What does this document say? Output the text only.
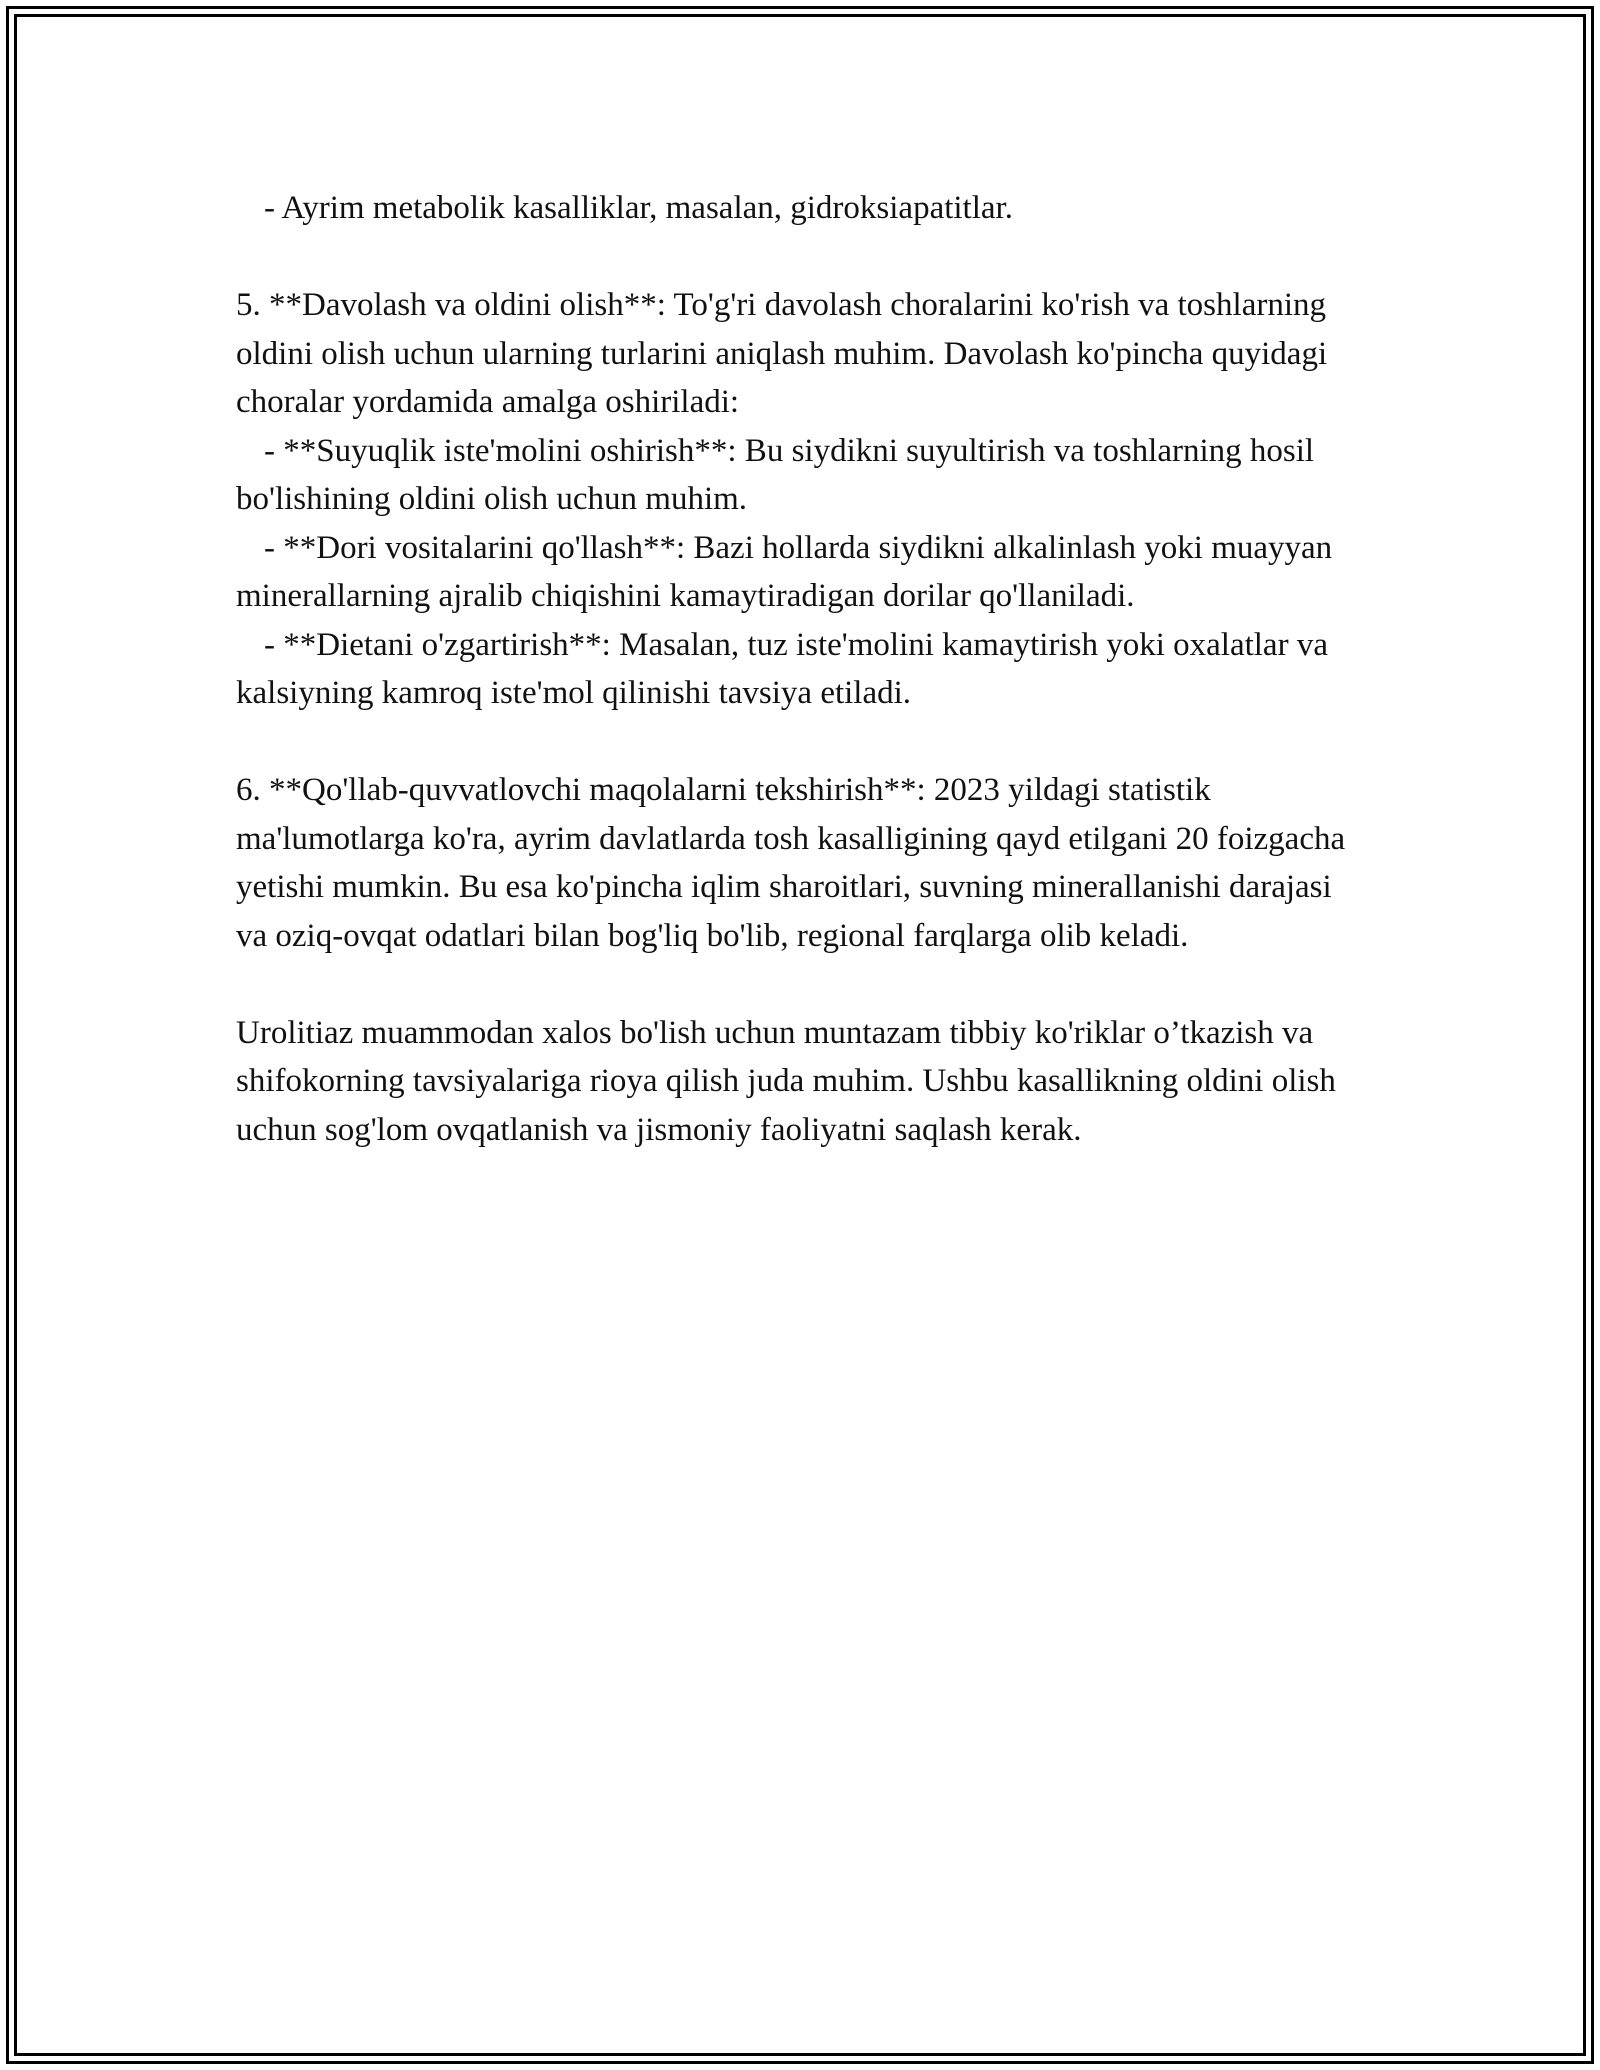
- Ayrim metabolik kasalliklar, masalan, gidroksiapatitlar.

5. **Davolash va oldini olish**: To'g'ri davolash choralarini ko'rish va toshlarning oldini olish uchun ularning turlarini aniqlash muhim. Davolash ko'pincha quyidagi choralar yordamida amalga oshiriladi:

- **Suyuqlik iste'molini oshirish**: Bu siydikni suyultirish va toshlarning hosil bo'lishining oldini olish uchun muhim.

- **Dori vositalarini qo'llash**: Bazi hollarda siydikni alkalinlash yoki muayyan minerallarning ajralib chiqishini kamaytiradigan dorilar qo'llaniladi.

- **Dietani o'zgartirish**: Masalan, tuz iste'molini kamaytirish yoki oxalatlar va kalsiyning kamroq iste'mol qilinishi tavsiya etiladi.

6. **Qo'llab-quvvatlovchi maqolalarni tekshirish**: 2023 yildagi statistik ma'lumotlarga ko'ra, ayrim davlatlarda tosh kasalligining qayd etilgani 20 foizgacha yetishi mumkin. Bu esa ko'pincha iqlim sharoitlari, suvning minerallanishi darajasi va oziq-ovqat odatlari bilan bog'liq bo'lib, regional farqlarga olib keladi.

Urolitiaz muammodan xalos bo'lish uchun muntazam tibbiy ko'riklar o’tkazish va shifokorning tavsiyalariga rioya qilish juda muhim. Ushbu kasallikning oldini olish uchun sog'lom ovqatlanish va jismoniy faoliyatni saqlash kerak.
